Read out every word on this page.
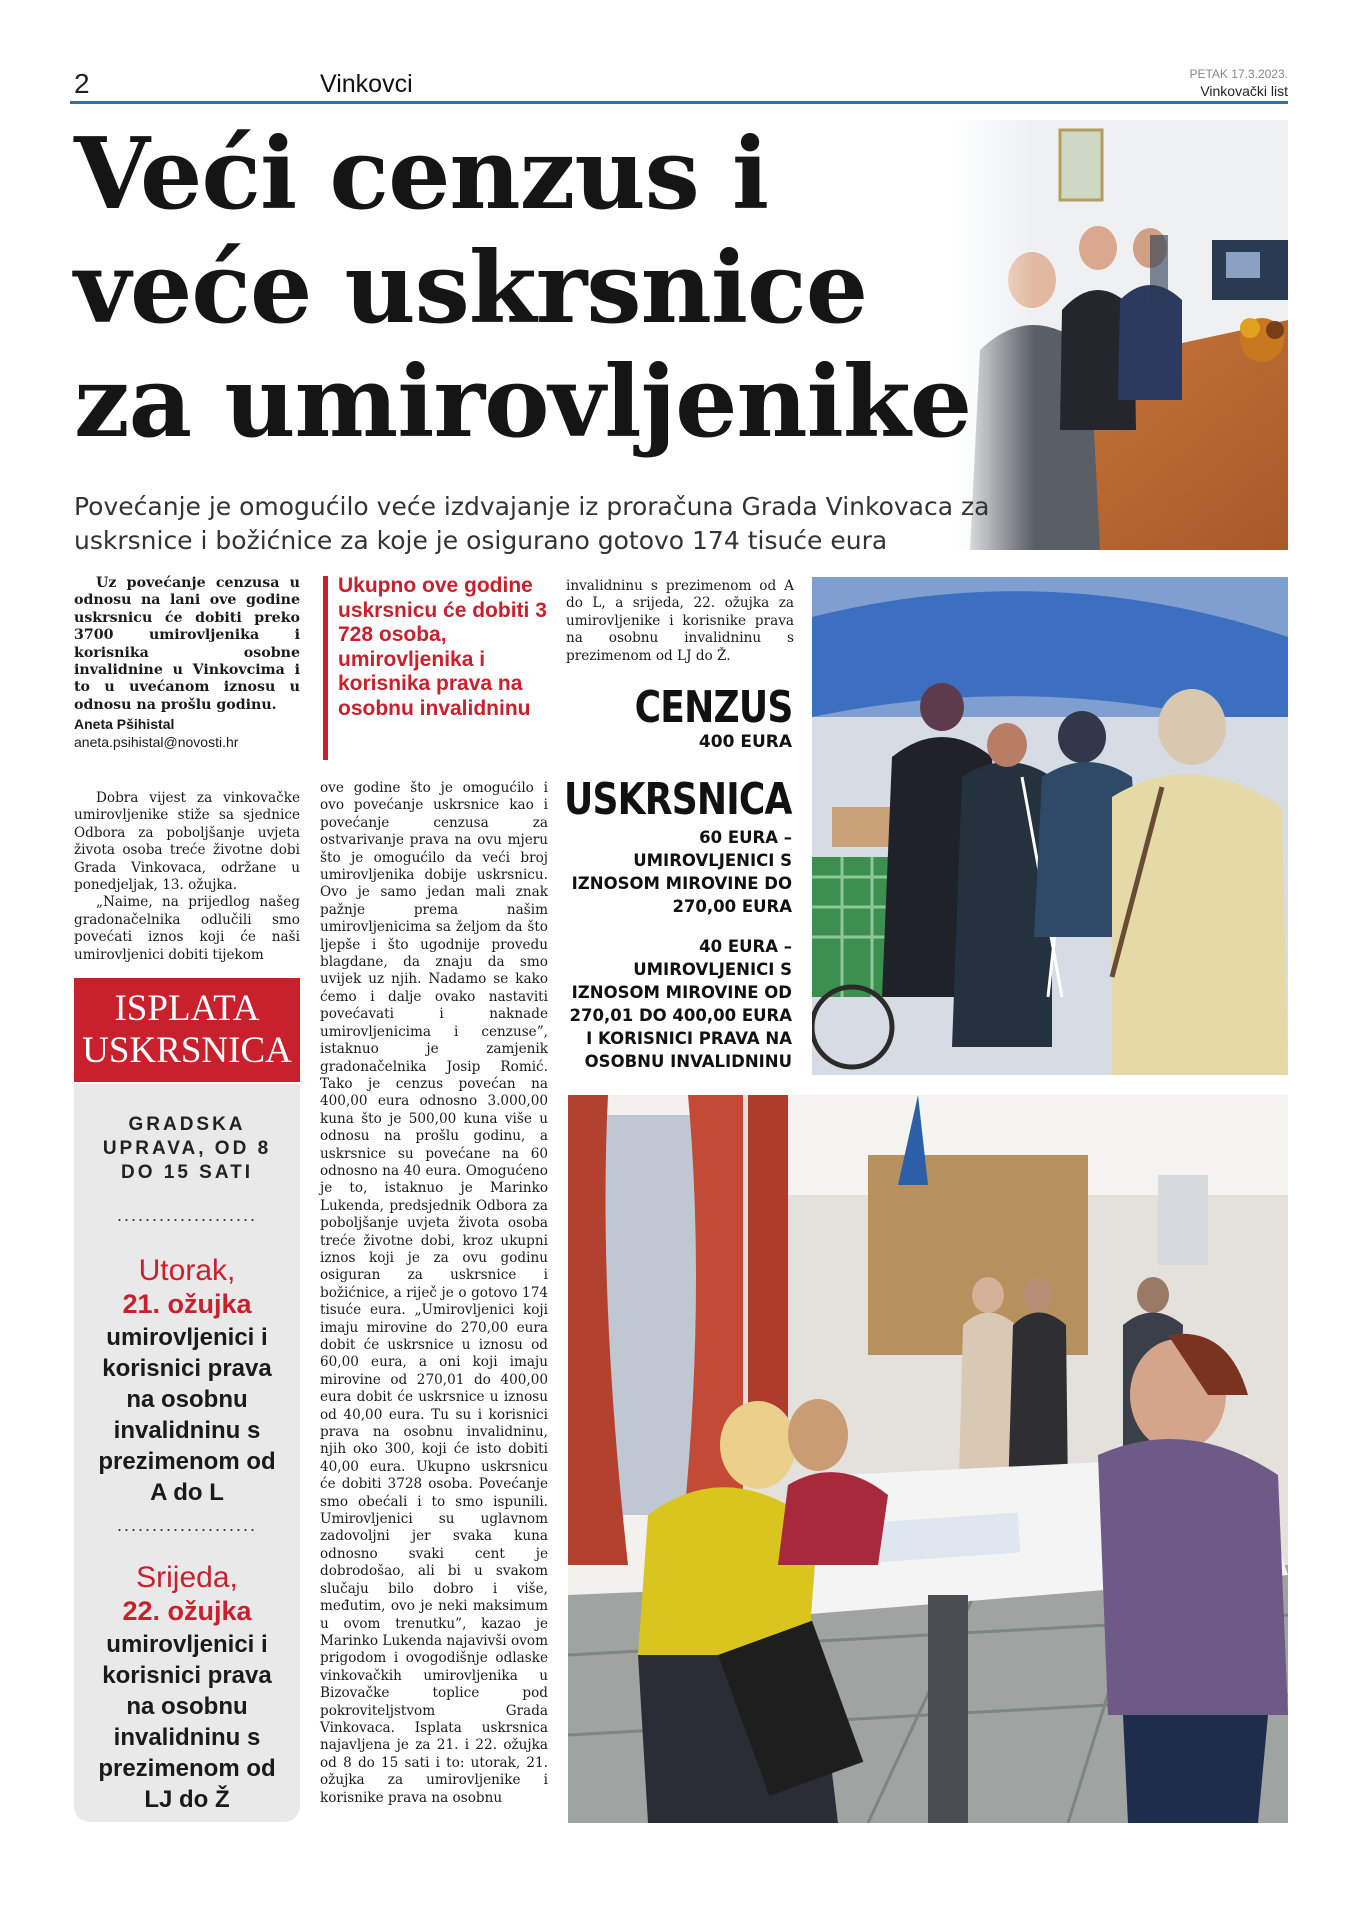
2	Vinkovci	PETAK 17.3.2023.
Vinkovački list
Veći cenzus i
veće uskrsnice
za umirovljenike
Povećanje je omogućilo veće izdvajanje iz proračuna Grada Vinkovaca za uskrsnice i božićnice za koje je osigurano gotovo 174 tisuće eura
Uz povećanje cenzusa u odnosu na lani ove godine uskrsnicu će dobiti preko 3700 umirovljenika i korisnika osobne invalidnine u Vinkovcima i to u uvećanom iznosu u odnosu na prošlu godinu.
Aneta Pšihistal
aneta.psihistal@novosti.hr

Dobra vijest za vinkovačke umirovljenike stiže sa sjednice Odbora za poboljšanje uvjeta života osoba treće životne dobi Grada Vinkovaca, održane u ponedjeljak, 13. ožujka.

„Naime, na prijedlog našeg gradonačelnika odlučili smo povećati iznos koji će naši umirovljenici dobiti tijekom

ISPLATA
USKRSNICA
GRADSKA UPRAVA, OD 8 DO 15 SATI
....................
Utorak,
21. ožujka
umirovljenici i korisnici prava na osobnu invalidninu s prezimenom od A do L
....................
Srijeda,
22. ožujka
umirovljenici i korisnici prava na osobnu invalidninu s prezimenom od LJ do Ž
Ukupno ove godine uskrsnicu će dobiti 3 728 osoba, umirovljenika i korisnika prava na osobnu invalidninu

ove godine što je omogućilo i ovo povećanje uskrsnice kao i povećanje cenzusa za ostvarivanje prava na ovu mjeru što je omogućilo da veći broj umirovljenika dobije uskrsnicu. Ovo je samo jedan mali znak pažnje prema našim umirovljenicima sa željom da što ljepše i što ugodnije provedu blagdane, da znaju da smo uvijek uz njih. Nadamo se kako ćemo i dalje ovako nastaviti povećavati i naknade umirovljenicima i cenzuse”, istaknuo je zamjenik gradonačelnika Josip Romić. Tako je cenzus povećan na 400,00 eura odnosno 3.000,00 kuna što je 500,00 kuna više u odnosu na prošlu godinu, a uskrsnice su povećane na 60 odnosno na 40 eura. Omogućeno je to, istaknuo je Marinko Lukenda, predsjednik Odbora za poboljšanje uvjeta života osoba treće životne dobi, kroz ukupni iznos koji je za ovu godinu osiguran za uskrsnice i božićnice, a riječ je o gotovo 174 tisuće eura. „Umirovljenici koji imaju mirovine do 270,00 eura dobit će uskrsnice u iznosu od 60,00 eura, a oni koji imaju mirovine od 270,01 do 400,00 eura dobit će uskrsnice u iznosu od 40,00 eura. Tu su i korisnici prava na osobnu invalidninu, njih oko 300, koji će isto dobiti 40,00 eura. Ukupno uskrsnicu će dobiti 3728 osoba. Povećanje smo obećali i to smo ispunili. Umirovljenici su uglavnom zadovoljni jer svaka kuna odnosno svaki cent je dobrodošao, ali bi u svakom slučaju bilo dobro i više, međutim, ovo je neki maksimum u ovom trenutku”, kazao je Marinko Lukenda najavivši ovom prigodom i ovogodišnje odlaske vinkovačkih umirovljenika u Bizovačke toplice pod pokroviteljstvom Grada Vinkovaca. Isplata uskrsnica najavljena je za 21. i 22. ožujka od 8 do 15 sati i to: utorak, 21. ožujka za umirovljenike i korisnike prava na osobnu

invalidninu s prezimenom od A do L, a srijeda, 22. ožujka za umirovljenike i korisnike prava na osobnu invalidninu s prezimenom od LJ do Ž.

CENZUS
400 EURA
USKRSNICA
60 EURA – UMIROVLJENICI S IZNOSOM MIROVINE DO 270,00 EURA
40 EURA – UMIROVLJENICI S IZNOSOM MIROVINE OD 270,01 DO 400,00 EURA I KORISNICI PRAVA NA OSOBNU INVALIDNINU
